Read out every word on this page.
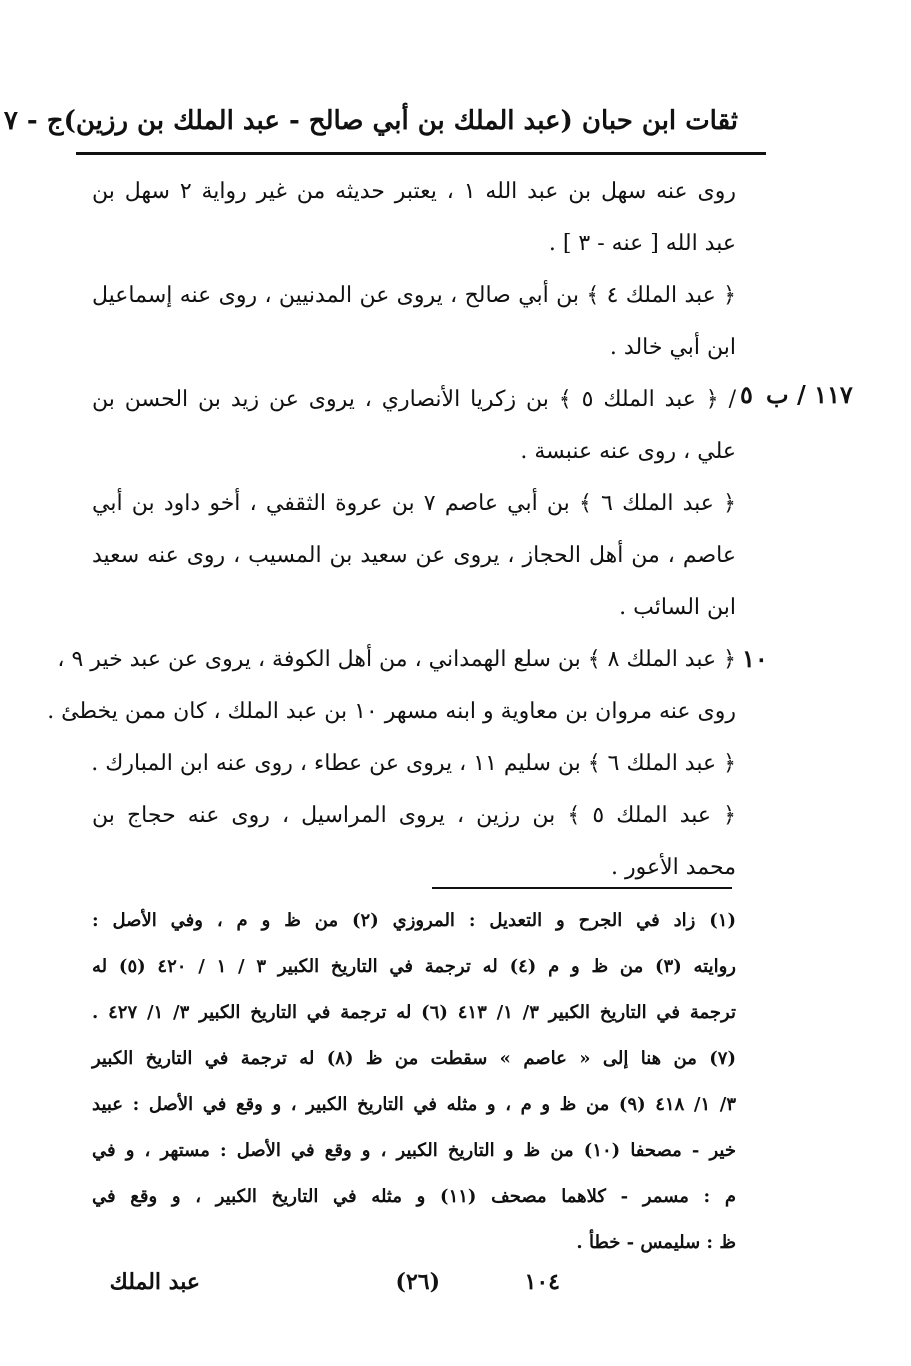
ثقات ابن حبان (عبد الملك بن أبي صالح - عبد الملك بن رزين)
ج - ٧
١١٧ / ب
٥
١٠
روى عنه سهل بن عبد الله ١ ، يعتبر حديثه من غير رواية ٢ سهل بن
عبد الله [ عنه - ٣ ] .
﴿ عبد الملك ٤ ﴾ بن أبي صالح ، يروى عن المدنيين ، روى عنه إسماعيل
ابن أبي خالد .
/ ﴿ عبد الملك ٥ ﴾ بن زكريا الأنصاري ، يروى عن زيد بن الحسن بن
علي ، روى عنه عنبسة .
﴿ عبد الملك ٦ ﴾ بن أبي عاصم ٧ بن عروة الثقفي ، أخو داود بن أبي
عاصم ، من أهل الحجاز ، يروى عن سعيد بن المسيب ، روى عنه سعيد
ابن السائب .
﴿ عبد الملك ٨ ﴾ بن سلع الهمداني ، من أهل الكوفة ، يروى عن عبد خير ٩ ،
روى عنه مروان بن معاوية و ابنه مسهر ١٠ بن عبد الملك ، كان ممن يخطئ .
﴿ عبد الملك ٦ ﴾ بن سليم ١١ ، يروى عن عطاء ، روى عنه ابن المبارك .
﴿ عبد الملك ٥ ﴾ بن رزين ، يروى المراسيل ، روى عنه حجاج بن
محمد الأعور .
(١) زاد في الجرح و التعديل : المروزي (٢) من ظ و م ، وفي الأصل :
روايته (٣) من ظ و م (٤) له ترجمة في التاريخ الكبير ٣ / ١ / ٤٢٠ (٥) له
ترجمة في التاريخ الكبير ٣/ ١/ ٤١٣ (٦) له ترجمة في التاريخ الكبير ٣/ ١/ ٤٢٧ .
(٧) من هنا إلى « عاصم » سقطت من ظ (٨) له ترجمة في التاريخ الكبير
٣/ ١/ ٤١٨ (٩) من ظ و م ، و مثله في التاريخ الكبير ، و وقع في الأصل : عبيد
خير - مصحفا (١٠) من ظ و التاريخ الكبير ، و وقع في الأصل : مستهر ، و في
م : مسمر - كلاهما مصحف (١١) و مثله في التاريخ الكبير ، و وقع في
ظ : سليمس - خطأ .
١٠٤
(٢٦)
عبد الملك
